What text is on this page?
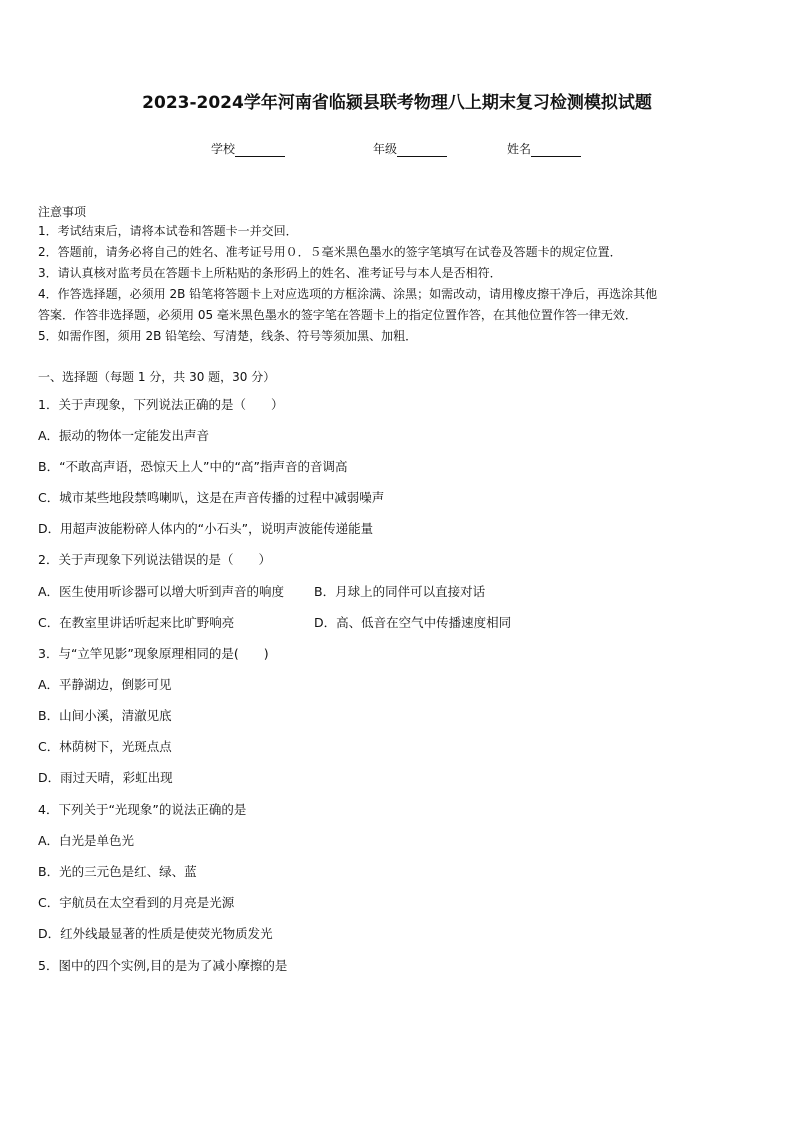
2023-2024学年河南省临颍县联考物理八上期末复习检测模拟试题
学校	年级	姓名
注意事项
1．考试结束后，请将本试卷和答题卡一并交回．
2．答题前，请务必将自己的姓名、准考证号用０．５毫米黑色墨水的签字笔填写在试卷及答题卡的规定位置．
3．请认真核对监考员在答题卡上所粘贴的条形码上的姓名、准考证号与本人是否相符．
4．作答选择题，必须用 2B 铅笔将答题卡上对应选项的方框涂满、涂黑；如需改动，请用橡皮擦干净后，再选涂其他
答案．作答非选择题，必须用 05 毫米黑色墨水的签字笔在答题卡上的指定位置作答，在其他位置作答一律无效．
5．如需作图，须用 2B 铅笔绘、写清楚，线条、符号等须加黑、加粗．
一、选择题（每题 1 分，共 30 题，30 分）
1．关于声现象，下列说法正确的是（　　）
A．振动的物体一定能发出声音
B．“不敢高声语，恐惊天上人”中的“高”指声音的音调高
C．城市某些地段禁鸣喇叭，这是在声音传播的过程中减弱噪声
D．用超声波能粉碎人体内的“小石头”，说明声波能传递能量
2．关于声现象下列说法错误的是（　　）
A．医生使用听诊器可以增大听到声音的响度 B．月球上的同伴可以直接对话
C．在教室里讲话听起来比旷野响亮	D．高、低音在空气中传播速度相同
3．与“立竿见影”现象原理相同的是(　　)
A．平静湖边，倒影可见
B．山间小溪，清澈见底
C．林荫树下，光斑点点
D．雨过天晴，彩虹出现
4．下列关于“光现象”的说法正确的是
A．白光是单色光
B．光的三元色是红、绿、蓝
C．宇航员在太空看到的月亮是光源
D．红外线最显著的性质是使荧光物质发光
5．图中的四个实例,目的是为了减小摩擦的是
